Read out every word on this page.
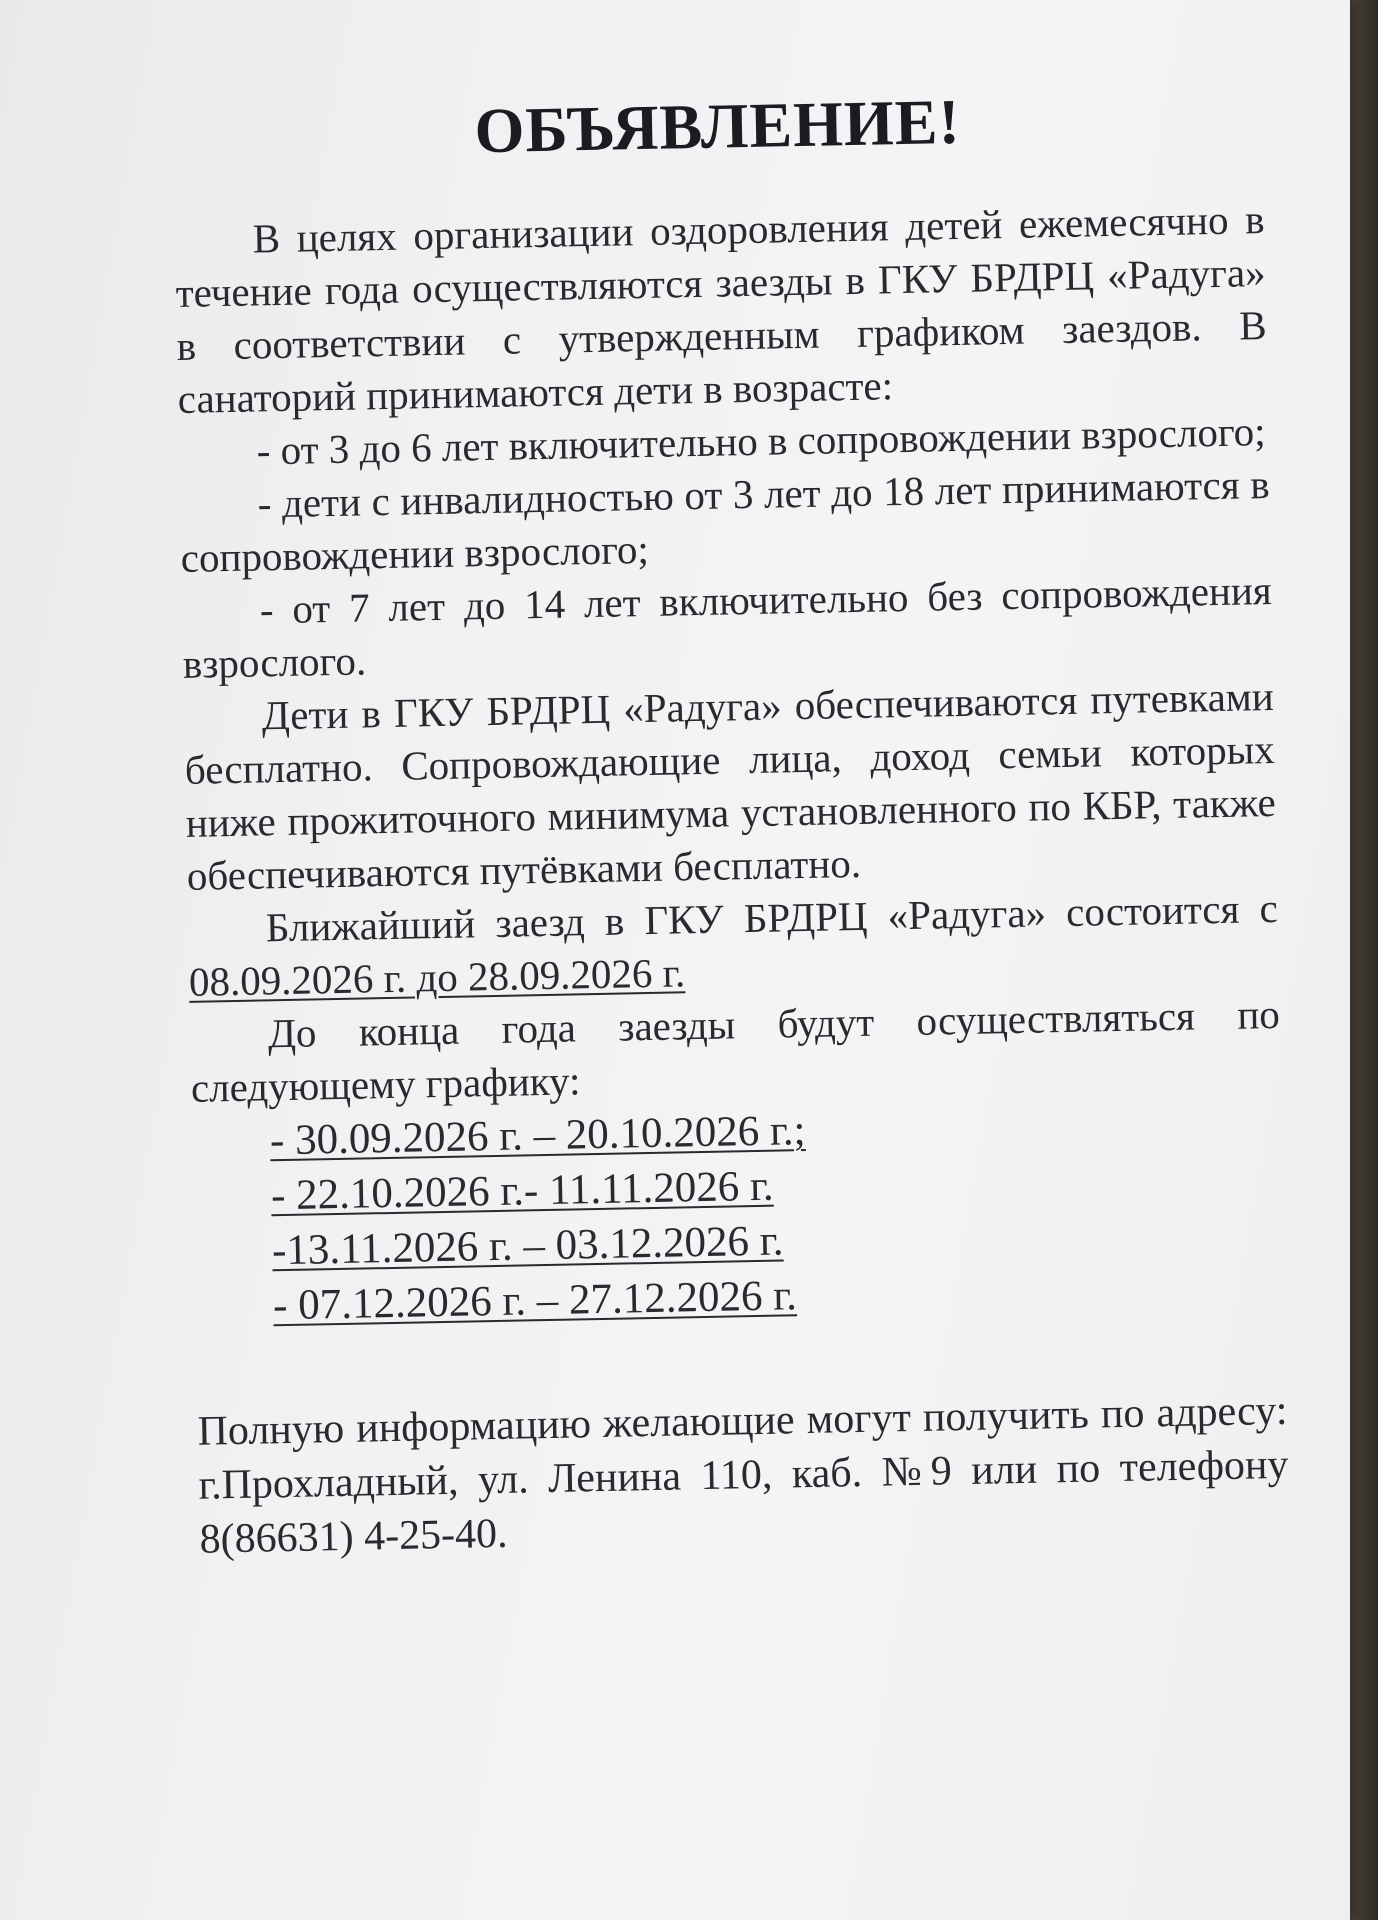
ОБЪЯВЛЕНИЕ!

В целях организации оздоровления детей ежемесячно в течение года осуществляются заезды в ГКУ БРДРЦ «Радуга» в соответствии с утвержденным графиком заездов. В санаторий принимаются дети в возрасте:

- от 3 до 6 лет включительно в сопровождении взрослого;

- дети с инвалидностью от 3 лет до 18 лет принимаются в сопровождении взрослого;

- от 7 лет до 14 лет включительно без сопровождения взрослого.

Дети в ГКУ БРДРЦ «Радуга» обеспечиваются путевками бесплатно. Сопровождающие лица, доход семьи которых ниже прожиточного минимума установленного по КБР, также обеспечиваются путёвками бесплатно.

Ближайший заезд в ГКУ БРДРЦ «Радуга» состоится с 08.09.2026 г. до 28.09.2026 г.

До конца года заезды будут осуществляться по следующему графику:

- 30.09.2026 г. – 20.10.2026 г.;
- 22.10.2026 г.- 11.11.2026 г.
-13.11.2026 г. – 03.12.2026 г.
- 07.12.2026 г. – 27.12.2026 г.

Полную информацию желающие могут получить по адресу: г.Прохладный, ул. Ленина 110, каб. №9 или по телефону 8(86631) 4-25-40.
